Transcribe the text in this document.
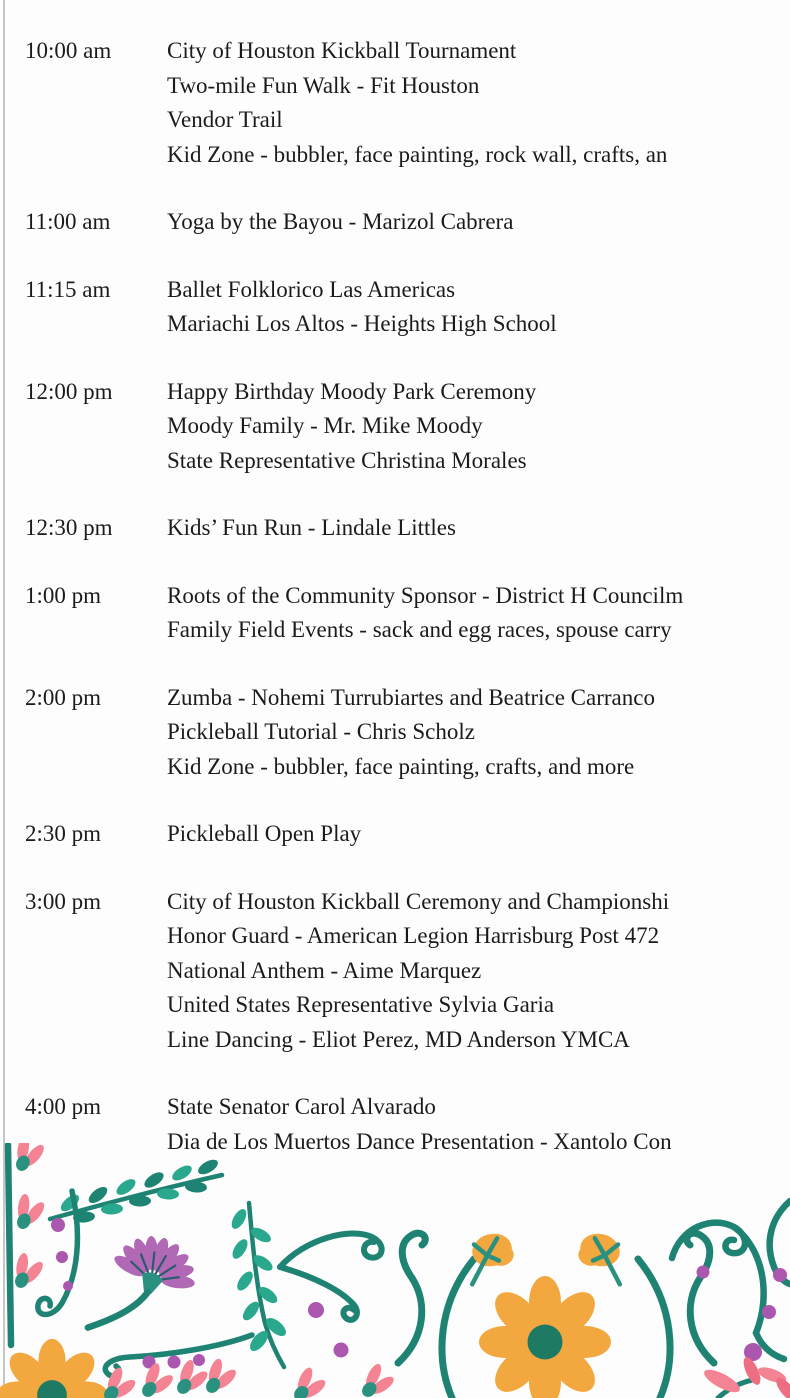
10:00 am	City of Houston Kickball Tournament
Two-mile Fun Walk - Fit Houston
Vendor Trail
Kid Zone - bubbler, face painting, rock wall, crafts, an
11:00 am	Yoga by the Bayou - Marizol Cabrera
11:15 am	Ballet Folklorico Las Americas
Mariachi Los Altos - Heights High School
12:00 pm	Happy Birthday Moody Park Ceremony
Moody Family - Mr. Mike Moody
State Representative Christina Morales
12:30 pm	Kids’ Fun Run - Lindale Littles
1:00 pm	Roots of the Community Sponsor - District H Councilm
Family Field Events - sack and egg races, spouse carry
2:00 pm	Zumba - Nohemi Turrubiartes and Beatrice Carranco
Pickleball Tutorial - Chris Scholz
Kid Zone - bubbler, face painting, crafts, and more
2:30 pm	Pickleball Open Play
3:00 pm	City of Houston Kickball Ceremony and Championshi
Honor Guard - American Legion Harrisburg Post 472
National Anthem - Aime Marquez
United States Representative Sylvia Garia
Line Dancing - Eliot Perez, MD Anderson YMCA
4:00 pm	State Senator Carol Alvarado
Dia de Los Muertos Dance Presentation - Xantolo Con
